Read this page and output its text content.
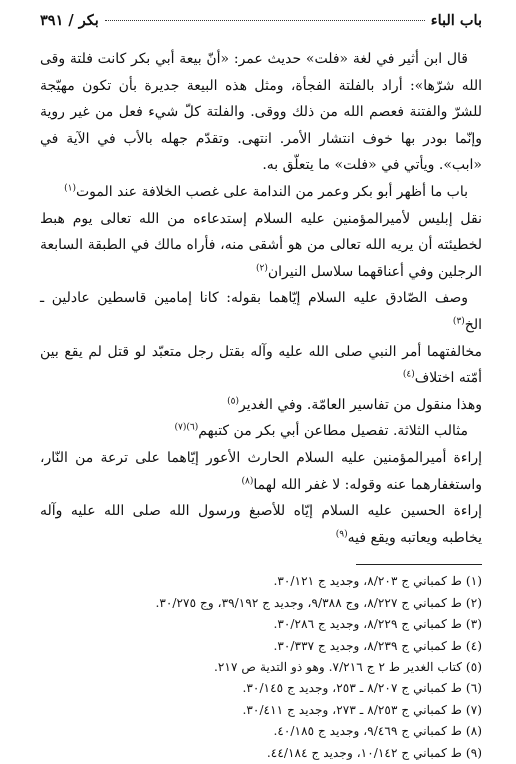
باب الباء
بكر / ٣٩١

قال ابن أثير في لغة «فلت» حديث عمر: «أنّ بيعة أبي بكر كانت فلتة وقى الله شرّها»: أراد بالفلتة الفجأة، ومثل هذه البيعة جديرة بأن تكون مهيّجة للشرّ والفتنة فعصم الله من ذلك ووقى. والفلتة كلّ شيء فعل من غير روية وإنّما بودر بها خوف انتشار الأمر. انتهى. وتقدّم جهله بالأب في الآية في «ابب». ويأتي في «فلت» ما يتعلّق به.

باب ما أظهر أبو بكر وعمر من الندامة على غصب الخلافة عند الموت$^{(١)}$

نقل إبليس لأميرالمؤمنين عليه السلام إستدعاءه من الله تعالى يوم هبط لخطيئته أن يريه الله تعالى من هو أشقى منه، فأراه مالك في الطبقة السابعة الرجلين وفي أعناقهما سلاسل النيران$^{(٢)}$

وصف الصّادق عليه السلام إيّاهما بقوله: كانا إمامين قاسطين عادلين ـ الخ$^{(٣)}$

مخالفتهما أمر النبي صلى الله عليه وآله بقتل رجل متعبّد لو قتل لم يقع بين أمّته اختلاف$^{(٤)}$

وهذا منقول من تفاسير العامّة. وفي الغدير$^{(٥)}$

مثالب الثلاثة. تفصيل مطاعن أبي بكر من كتبهم$^{(٦)(٧)}$

إراءة أميرالمؤمنين عليه السلام الحارث الأعور إيّاهما على ترعة من النّار، واستغفارهما عنه وقوله: لا غفر الله لهما$^{(٨)}$

إراءة الحسين عليه السلام إيّاه للأصبغ ورسول الله صلى الله عليه وآله يخاطبه ويعاتبه ويقع فيه$^{(٩)}$

(١) ط كمباني ج ٨/٢٠٣، وجديد ج ٣٠/١٢١.
(٢) ط كمباني ج ٨/٢٢٧، وج ٩/٣٨٨، وجديد ج ٣٩/١٩٢، وج ٣٠/٢٧٥.
(٣) ط كمباني ج ٨/٢٢٩، وجديد ج ٣٠/٢٨٦.
(٤) ط كمباني ج ٨/٢٣٩، وجديد ج ٣٠/٣٣٧.
(٥) كتاب الغدير ط ٢ ج ٧/٢١٦. وهو ذو التدية ص ٢١٧.
(٦) ط كمباني ج ٨/٢٠٧ ـ ٢٥٣، وجديد ج ٣٠/١٤٥.
(٧) ط كمباني ج ٨/٢٥٣ ـ ٢٧٣، وجديد ج ٣٠/٤١١.
(٨) ط كمباني ج ٩/٤٦٩، وجديد ج ٤٠/١٨٥.
(٩) ط كمباني ج ١٠/١٤٢، وجديد ج ٤٤/١٨٤.
